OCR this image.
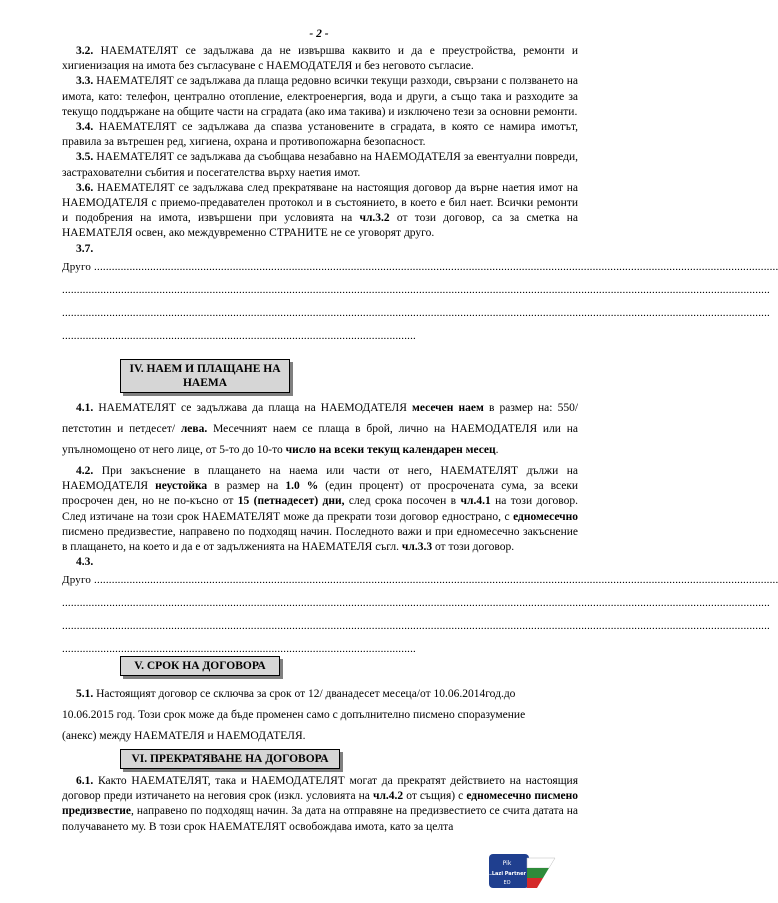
- 2 -

3.2. НАЕМАТЕЛЯТ се задължава да не извършва каквито и да е преустройства, ремонти и хигиенизация на имота без съгласуване с НАЕМОДАТЕЛЯ и без неговото съгласие.

3.3. НАЕМАТЕЛЯТ се задължава да плаща редовно всички текущи разходи, свързани с ползването на имота, като: телефон, централно отопление, електроенергия, вода и други, а също така и разходите за текущо поддържане на общите части на сградата (ако има такива) и изключено тези за основни ремонти.

3.4. НАЕМАТЕЛЯТ се задължава да спазва установените в сградата, в която се намира имотът, правила за вътрешен ред, хигиена, охрана и противопожарна безопасност.

3.5. НАЕМАТЕЛЯТ се задължава да съобщава незабавно на НАЕМОДАТЕЛЯ за евентуални повреди, застрахователни събития и посегателства върху наетия имот.

3.6. НАЕМАТЕЛЯТ се задължава след прекратяване на настоящия договор да върне наетия имот на НАЕМОДАТЕЛЯ с приемо-предавателен протокол и в състоянието, в което е бил нает. Всички ремонти и подобрения на имота, извършени при условията на чл.3.2 от този договор, са за сметка на НАЕМАТЕЛЯ освен, ако междувременно СТРАНИТЕ не се уговорят друго.

3.7.

Друго ........................................................................................................................................................................................................................................
................................................................................................................................................................................................................................................
................................................................................................................................................................................................................................................
........................................................................................................................
IV. НАЕМ И ПЛАЩАНЕ НА
НАЕМА

4.1. НАЕМАТЕЛЯТ се задължава да плаща на НАЕМОДАТЕЛЯ месечен наем в размер на: 550/петстотин и петдесет/ лева. Месечният наем се плаща в брой, лично на НАЕМОДАТЕЛЯ или на упълномощено от него лице, от 5-то до 10-то число на всеки текущ календарен месец.

4.2. При закъснение в плащането на наема или части от него, НАЕМАТЕЛЯТ дължи на НАЕМОДАТЕЛЯ неустойка в размер на 1.0 % (един процент) от просрочената сума, за всеки просрочен ден, но не по-късно от 15 (петнадесет) дни, след срока посочен в чл.4.1 на този договор. След изтичане на този срок НАЕМАТЕЛЯТ може да прекрати този договор еднострано, с едномесечно писмено предизвестие, направено по подходящ начин. Последното важи и при едномесечно закъснение в плащането, на което и да е от задълженията на НАЕМАТЕЛЯ съгл. чл.3.3 от този договор.

4.3.

Друго ........................................................................................................................................................................................................................................
................................................................................................................................................................................................................................................
................................................................................................................................................................................................................................................
........................................................................................................................
V. СРОК НА ДОГОВОРА

5.1. Настоящият договор се сключва за срок от 12/ дванадесет месеца/от 10.06.2014год.до

10.06.2015 год. Този срок може да бъде променен само с допълнително писмено споразумение

(анекс) между НАЕМАТЕЛЯ и НАЕМОДАТЕЛЯ.

VI. ПРЕКРАТЯВАНЕ НА ДОГОВОРА

6.1. Както НАЕМАТЕЛЯТ, така и НАЕМОДАТЕЛЯТ могат да прекратят действието на настоящия договор преди изтичането на неговия срок (изкл. условията на чл.4.2 от същия) с едномесечно писмено предизвестие, направено по подходящ начин. За дата на отправяне на предизвестието се счита датата на получаването му. В този срок НАЕМАТЕЛЯТ освобождава имота, като за целта

Pik
..Lazi Partner
EO
